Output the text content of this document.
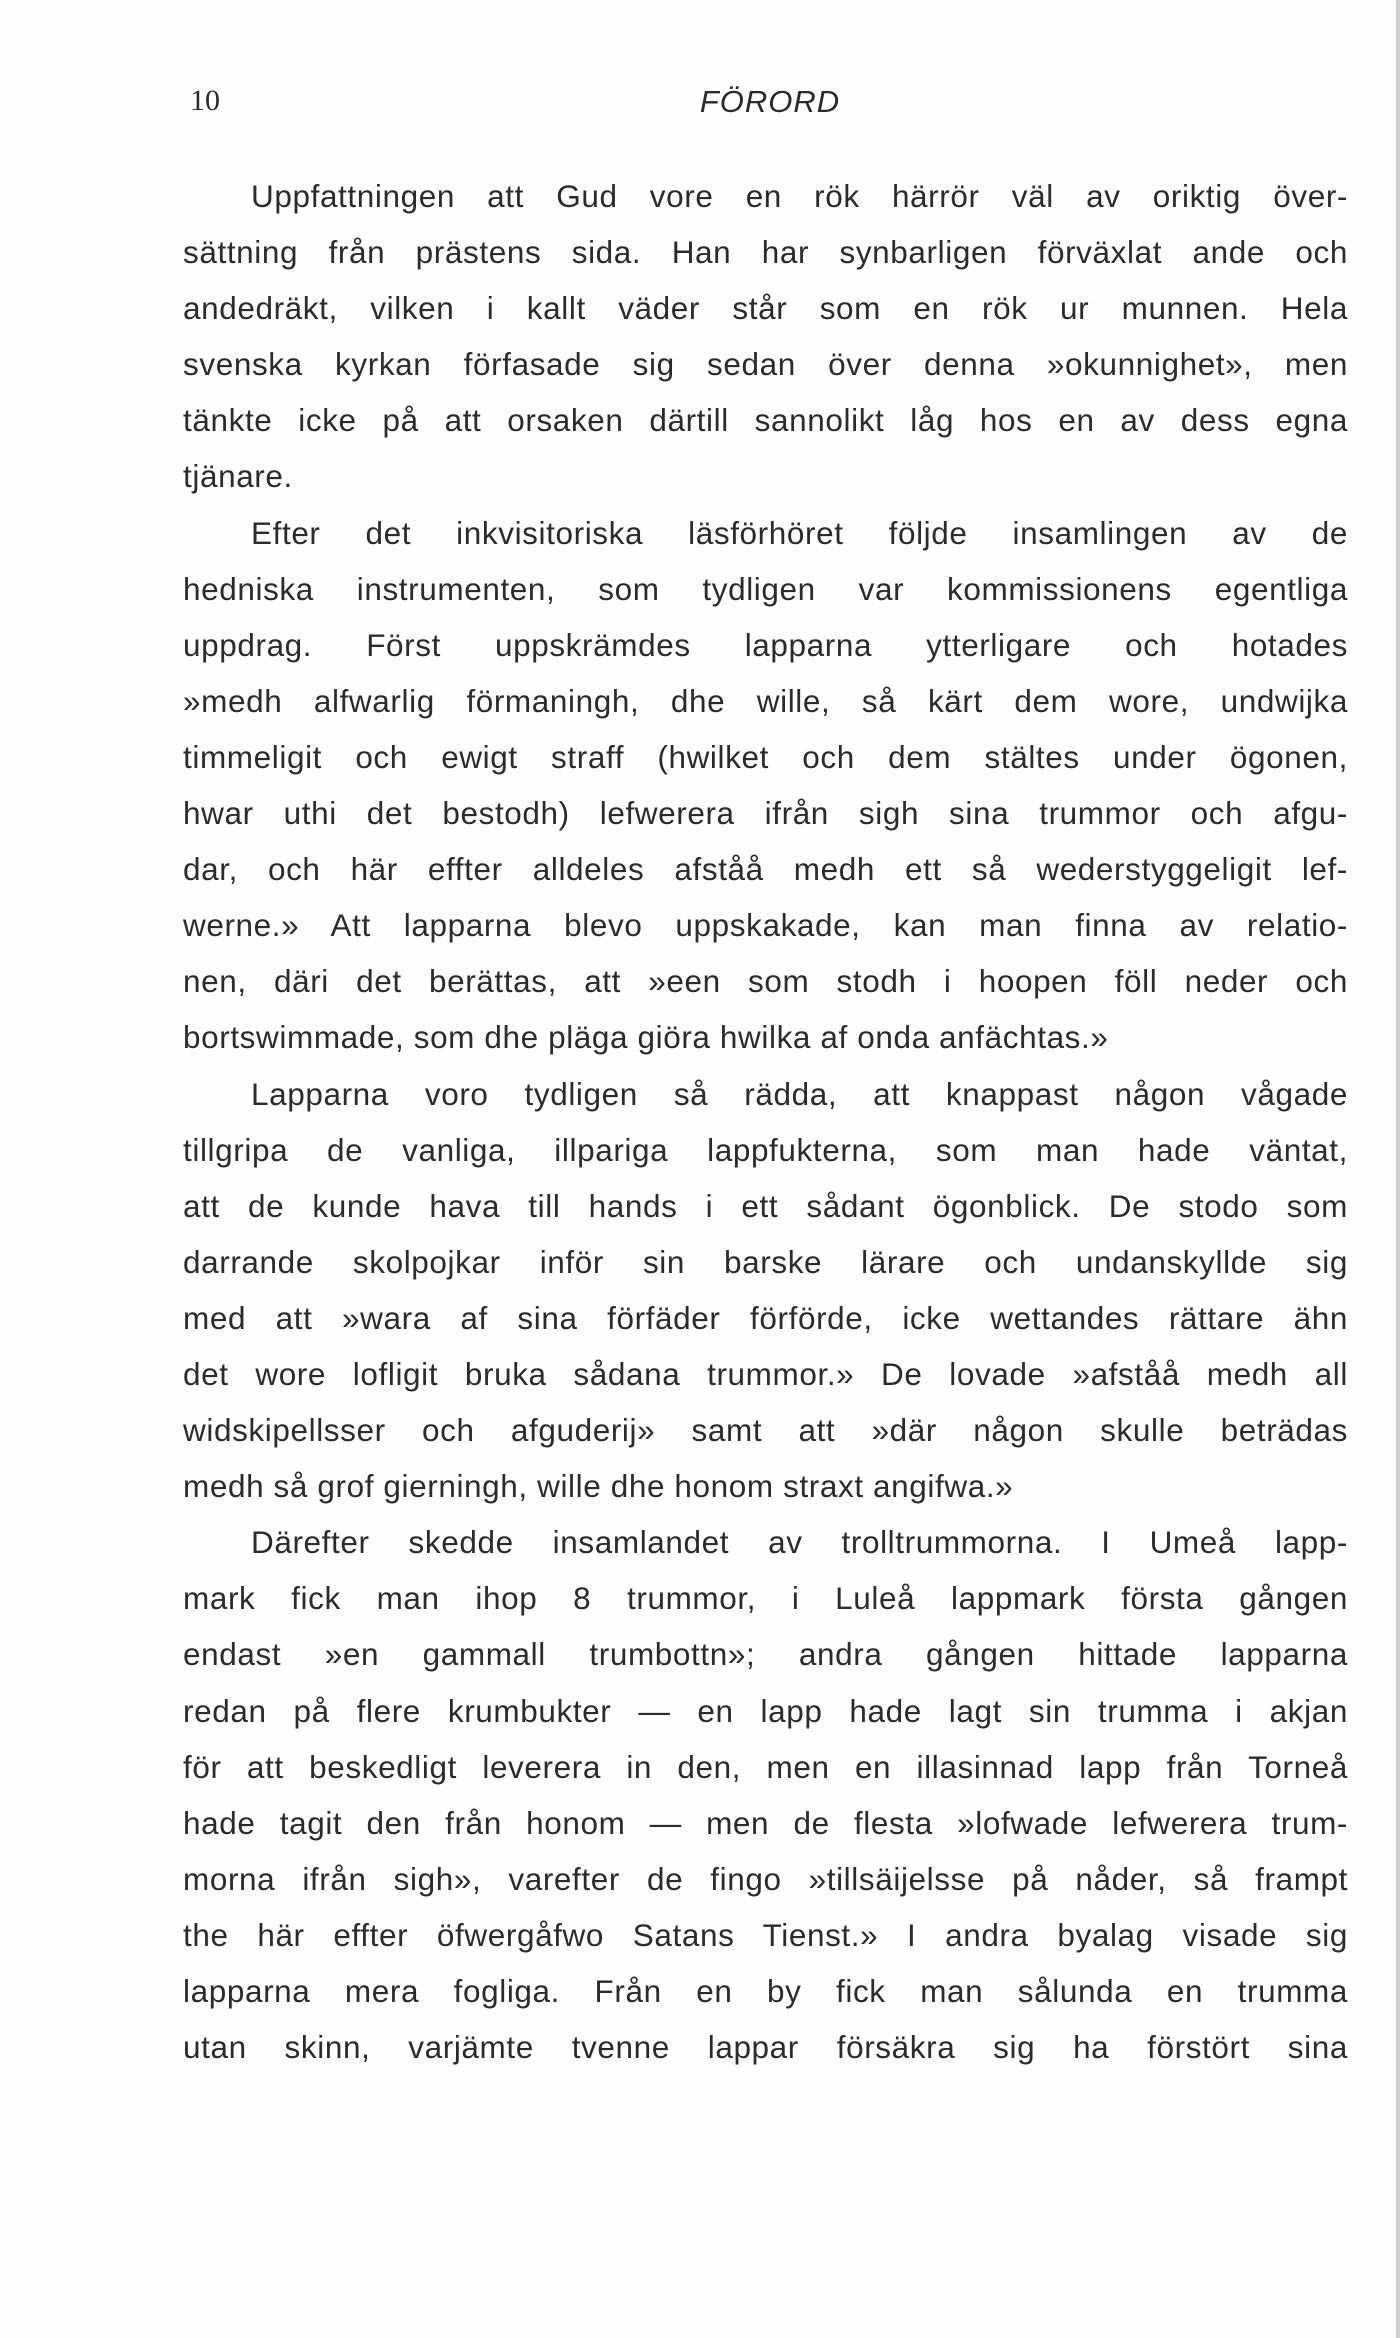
10	FÖRORD
Uppfattningen att Gud vore en rök härrör väl av oriktig över-
sättning från prästens sida. Han har synbarligen förväxlat ande och
andedräkt, vilken i kallt väder står som en rök ur munnen. Hela
svenska kyrkan förfasade sig sedan över denna »okunnighet», men
tänkte icke på att orsaken därtill sannolikt låg hos en av dess egna
tjänare.
Efter det inkvisitoriska läsförhöret följde insamlingen av de
hedniska instrumenten, som tydligen var kommissionens egentliga
uppdrag. Först uppskrämdes lapparna ytterligare och hotades
»medh alfwarlig förmaningh, dhe wille, så kärt dem wore, undwijka
timmeligit och ewigt straff (hwilket och dem stältes under ögonen,
hwar uthi det bestodh) lefwerera ifrån sigh sina trummor och afgu-
dar, och här effter alldeles afståå medh ett så wederstyggeligit lef-
werne.» Att lapparna blevo uppskakade, kan man finna av relatio-
nen, däri det berättas, att »een som stodh i hoopen föll neder och
bortswimmade, som dhe pläga giöra hwilka af onda anfächtas.»
Lapparna voro tydligen så rädda, att knappast någon vågade
tillgripa de vanliga, illpariga lappfukterna, som man hade väntat,
att de kunde hava till hands i ett sådant ögonblick. De stodo som
darrande skolpojkar inför sin barske lärare och undanskyllde sig
med att »wara af sina förfäder förförde, icke wettandes rättare ähn
det wore lofligit bruka sådana trummor.» De lovade »afståå medh all
widskipellsser och afguderij» samt att »där någon skulle beträdas
medh så grof gierningh, wille dhe honom straxt angifwa.»
Därefter skedde insamlandet av trolltrummorna. I Umeå lapp-
mark fick man ihop 8 trummor, i Luleå lappmark första gången
endast »en gammall trumbottn»; andra gången hittade lapparna
redan på flere krumbukter — en lapp hade lagt sin trumma i akjan
för att beskedligt leverera in den, men en illasinnad lapp från Torneå
hade tagit den från honom — men de flesta »lofwade lefwerera trum-
morna ifrån sigh», varefter de fingo »tillsäijelsse på nåder, så frampt
the här effter öfwergåfwo Satans Tienst.» I andra byalag visade sig
lapparna mera fogliga. Från en by fick man sålunda en trumma
utan skinn, varjämte tvenne lappar försäkra sig ha förstört sina
